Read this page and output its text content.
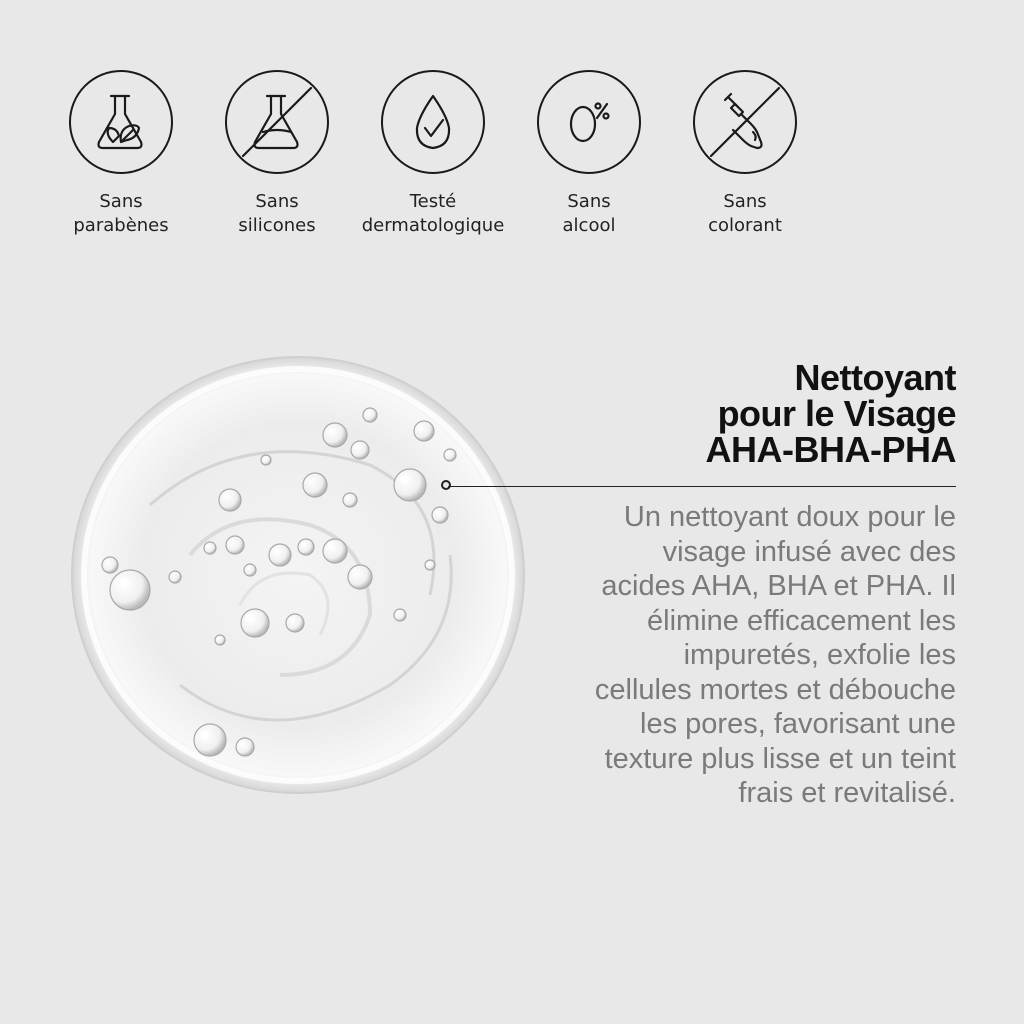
Sans
parabènes
Sans
silicones
Testé
dermatologique
Sans
alcool
Sans
colorant
Nettoyant
pour le Visage
AHA-BHA-PHA
Un nettoyant doux pour le
visage infusé avec des
acides AHA, BHA et PHA. Il
élimine efficacement les
impuretés, exfolie les
cellules mortes et débouche
les pores, favorisant une
texture plus lisse et un teint
frais et revitalisé.
